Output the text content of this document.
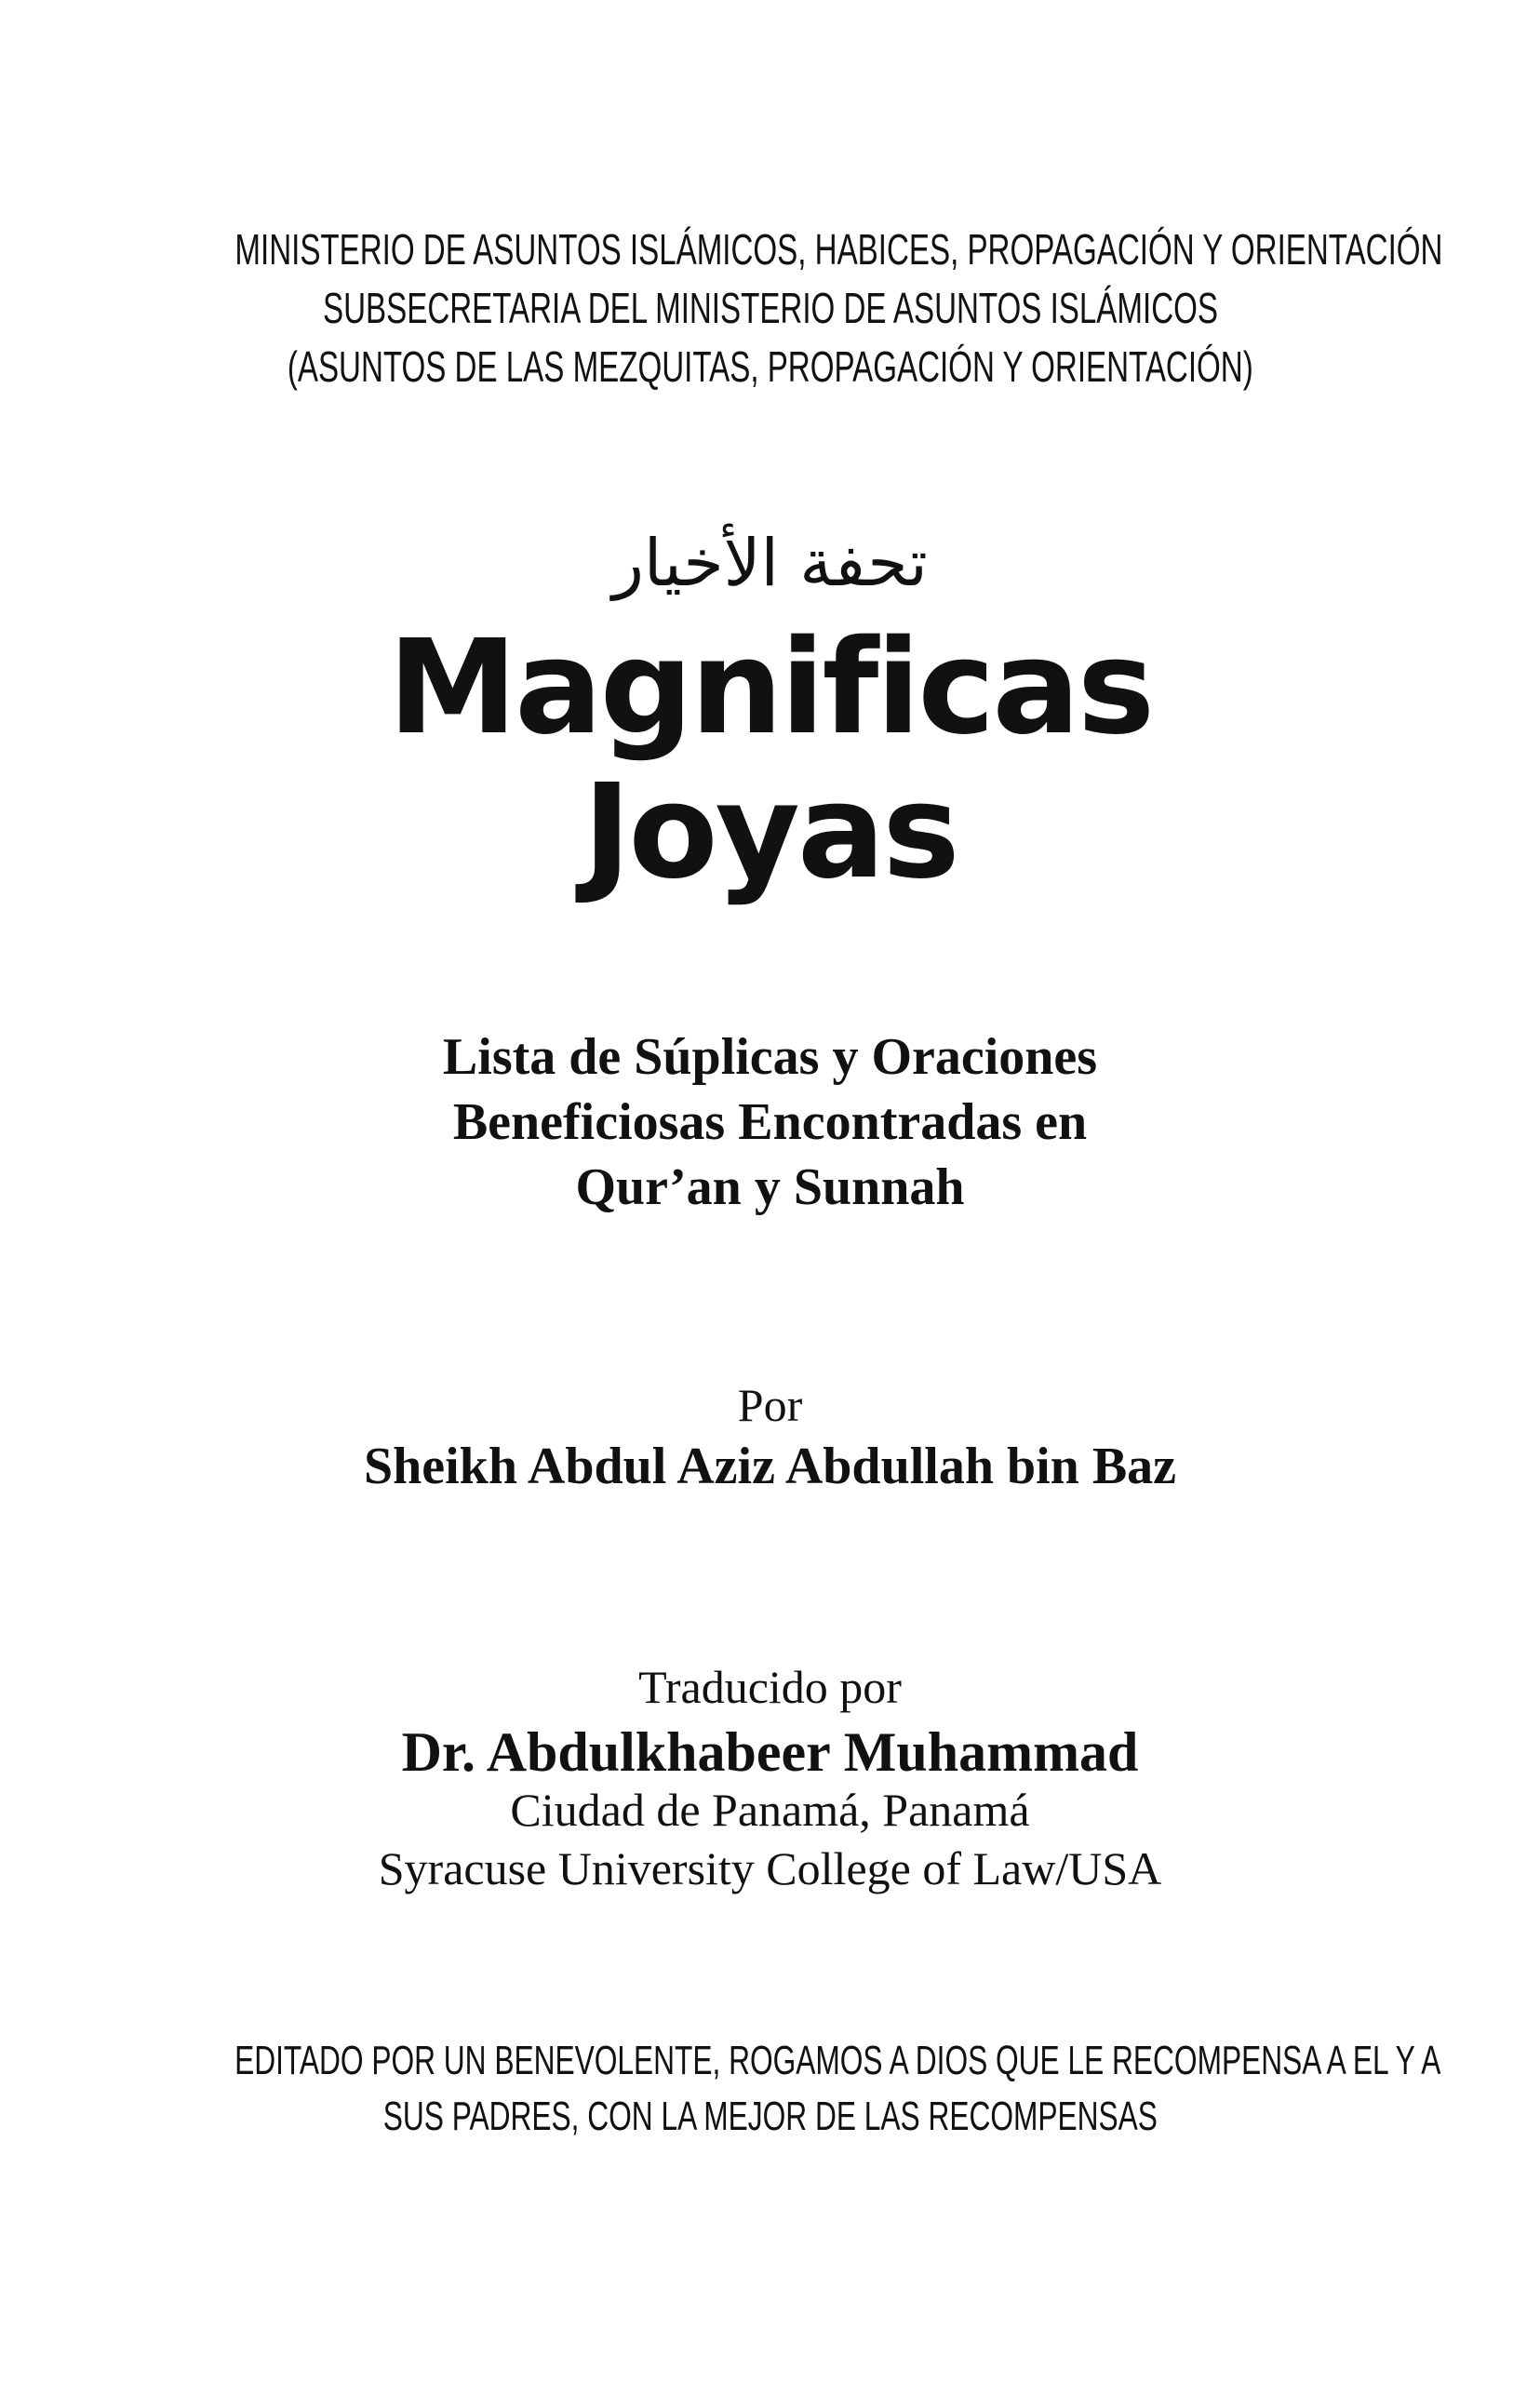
MINISTERIO DE ASUNTOS ISLÁMICOS, HABICES, PROPAGACIÓN Y ORIENTACIÓN
SUBSECRETARIA DEL MINISTERIO DE ASUNTOS ISLÁMICOS
(ASUNTOS DE LAS MEZQUITAS, PROPAGACIÓN Y ORIENTACIÓN)
تحفة الأخيار
Magnificas
Joyas
Lista de Súplicas y Oraciones
Beneficiosas Encontradas en
Qur’an y Sunnah
Por
Sheikh Abdul Aziz Abdullah bin Baz
Traducido por
Dr. Abdulkhabeer Muhammad
Ciudad de Panamá, Panamá
Syracuse University College of Law/USA
EDITADO POR UN BENEVOLENTE, ROGAMOS A DIOS QUE LE RECOMPENSA A EL Y A
SUS PADRES, CON LA MEJOR DE LAS RECOMPENSAS
